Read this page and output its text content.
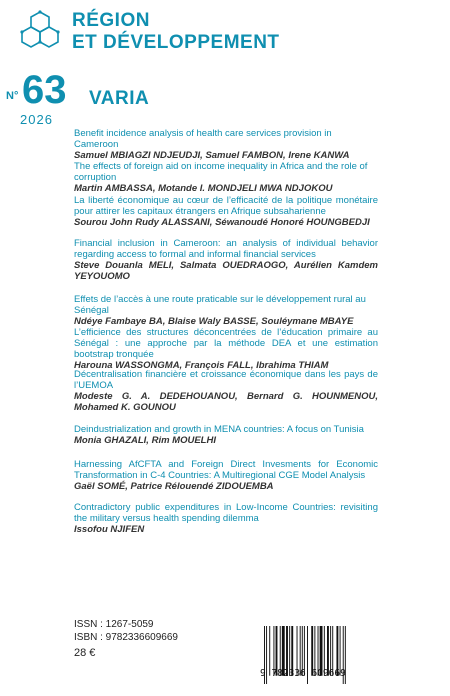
RÉGION
ET DÉVELOPPEMENT
N° 63
2026
VARIA
Benefit incidence analysis of health care services provision in Cameroon
Samuel MBIAGZI NDJEUDJI, Samuel FAMBON, Irene KANWA
The effects of foreign aid on income inequality in Africa and the role of corruption
Martin AMBASSA, Motande I. MONDJELI MWA NDJOKOU
La liberté économique au cœur de l’efficacité de la politique monétaire pour attirer les capitaux étrangers en Afrique subsaharienne
Sourou John Rudy ALASSANI, Séwanoudé Honoré HOUNGBEDJI
Financial inclusion in Cameroon: an analysis of individual behavior regarding access to formal and informal financial services
Steve Douanla MELI, Salmata OUEDRAOGO, Aurélien Kamdem YEYOUOMO
Effets de l’accès à une route praticable sur le développement rural au Sénégal
Ndéye Fambaye BA, Blaise Waly BASSE, Souléymane MBAYE
L’efficience des structures déconcentrées de l’éducation primaire au Sénégal : une approche par la méthode DEA et une estimation bootstrap tronquée
Harouna WASSONGMA, François FALL, Ibrahima THIAM
Décentralisation financière et croissance économique dans les pays de l’UEMOA
Modeste G. A. DEDEHOUANOU, Bernard G. HOUNMENOU, Mohamed K. GOUNOU
Deindustrialization and growth in MENA countries: A focus on Tunisia
Monia GHAZALI, Rim MOUELHI
Harnessing AfCFTA and Foreign Direct Invesments for Economic Transformation in C-4 Countries: A Multiregional CGE Model Analysis
Gaël SOMÉ, Patrice Rélouendé ZIDOUEMBA
Contradictory public expenditures in Low-Income Countries: revisiting the military versus health spending dilemma
Issofou NJIFEN
ISSN : 1267-5059
ISBN : 9782336609669
28 €
9 782336 609669
